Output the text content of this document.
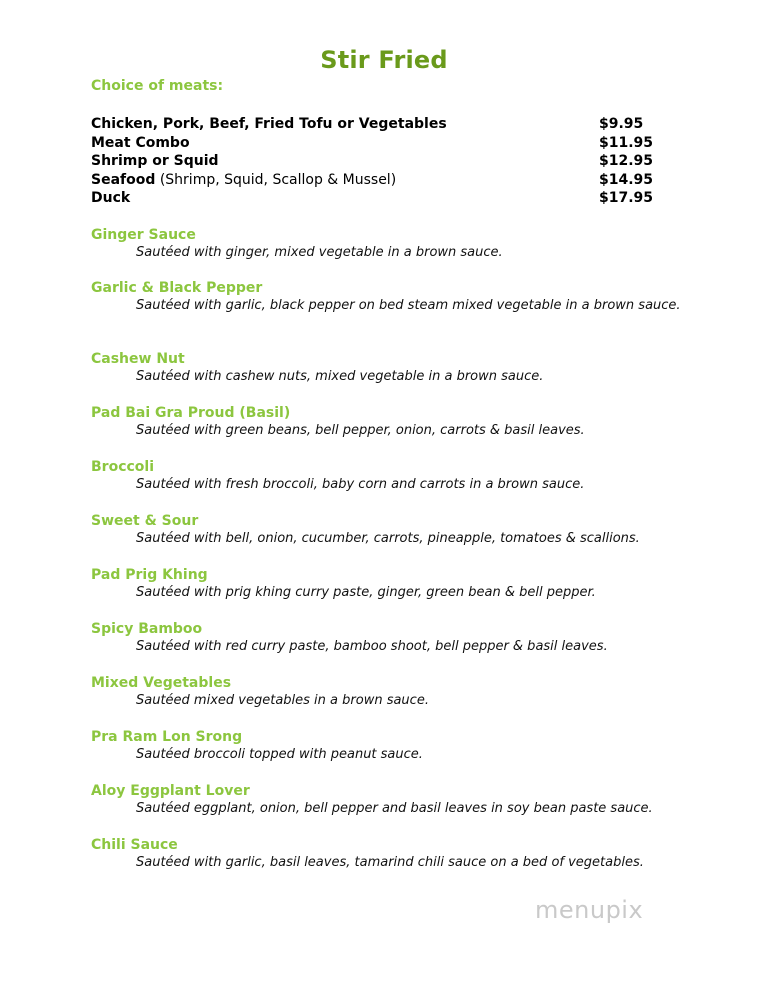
Stir Fried
Choice of meats:
Chicken, Pork, Beef, Fried Tofu or Vegetables	$9.95
Meat Combo	$11.95
Shrimp or Squid	$12.95
Seafood (Shrimp, Squid, Scallop & Mussel)	$14.95
Duck	$17.95
Ginger Sauce
Sautéed with ginger, mixed vegetable in a brown sauce.
Garlic & Black Pepper
Sautéed with garlic, black pepper on bed steam mixed vegetable in a brown sauce.
Cashew Nut
Sautéed with cashew nuts, mixed vegetable in a brown sauce.
Pad Bai Gra Proud (Basil)
Sautéed with green beans, bell pepper, onion, carrots & basil leaves.
Broccoli
Sautéed with fresh broccoli, baby corn and carrots in a brown sauce.
Sweet & Sour
Sautéed with bell, onion, cucumber, carrots, pineapple, tomatoes & scallions.
Pad Prig Khing
Sautéed with prig khing curry paste, ginger, green bean & bell pepper.
Spicy Bamboo
Sautéed with red curry paste, bamboo shoot, bell pepper & basil leaves.
Mixed Vegetables
Sautéed mixed vegetables in a brown sauce.
Pra Ram Lon Srong
Sautéed broccoli topped with peanut sauce.
Aloy Eggplant Lover
Sautéed eggplant, onion, bell pepper and basil leaves in soy bean paste sauce.
Chili Sauce
Sautéed with garlic, basil leaves, tamarind chili sauce on a bed of vegetables.
menupix
